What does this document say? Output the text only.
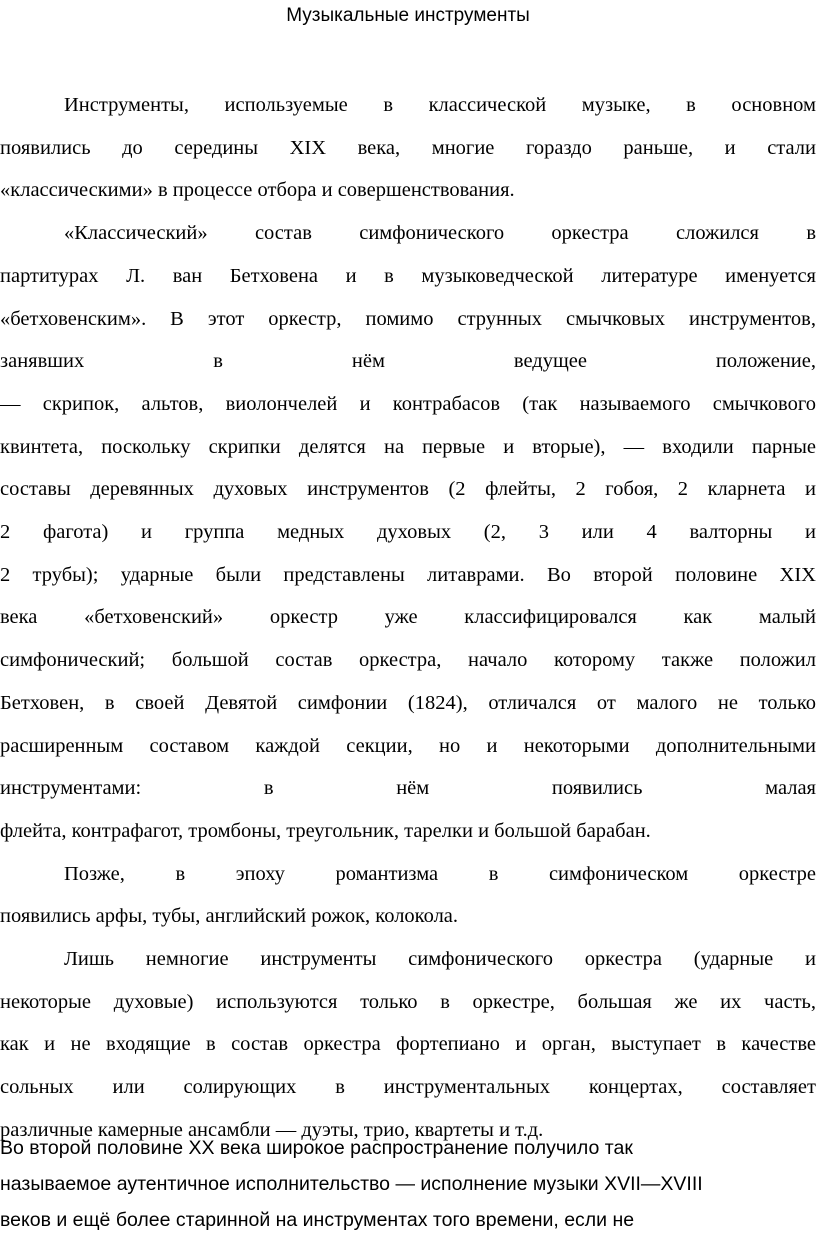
Музыкальные инструменты
Инструменты, используемые в классической музыке, в основном
появились до середины XIX века, многие гораздо раньше, и стали
«классическими» в процессе отбора и совершенствования.
«Классический» состав симфонического оркестра сложился в
партитурах Л. ван Бетховена и в музыковедческой литературе именуется
«бетховенским». В этот оркестр, помимо струнных смычковых инструментов,
занявших в нём ведущее положение,
— скрипок, альтов, виолончелей и контрабасов (так называемого смычкового
квинтета, поскольку скрипки делятся на первые и вторые), — входили парные
составы деревянных духовых инструментов (2 флейты, 2 гобоя, 2 кларнета и
2 фагота) и группа медных духовых (2, 3 или 4 валторны и
2 трубы); ударные были представлены литаврами. Во второй половине XIX
века «бетховенский» оркестр уже классифицировался как малый
симфонический; большой состав оркестра, начало которому также положил
Бетховен, в своей Девятой симфонии (1824), отличался от малого не только
расширенным составом каждой секции, но и некоторыми дополнительными
инструментами: в нём появились малая
флейта, контрафагот, тромбоны, треугольник, тарелки и большой барабан.
Позже, в эпоху романтизма в симфоническом оркестре
появились арфы, тубы, английский рожок, колокола.
Лишь немногие инструменты симфонического оркестра (ударные и
некоторые духовые) используются только в оркестре, большая же их часть,
как и не входящие в состав оркестра фортепиано и орган, выступает в качестве
сольных или солирующих в инструментальных концертах, составляет
различные камерные ансамбли — дуэты, трио, квартеты и т.д.
Во второй половине XX века широкое распространение получило так
называемое аутентичное исполнительство — исполнение музыки XVII—XVIII
веков и ещё более старинной на инструментах того времени, если не
